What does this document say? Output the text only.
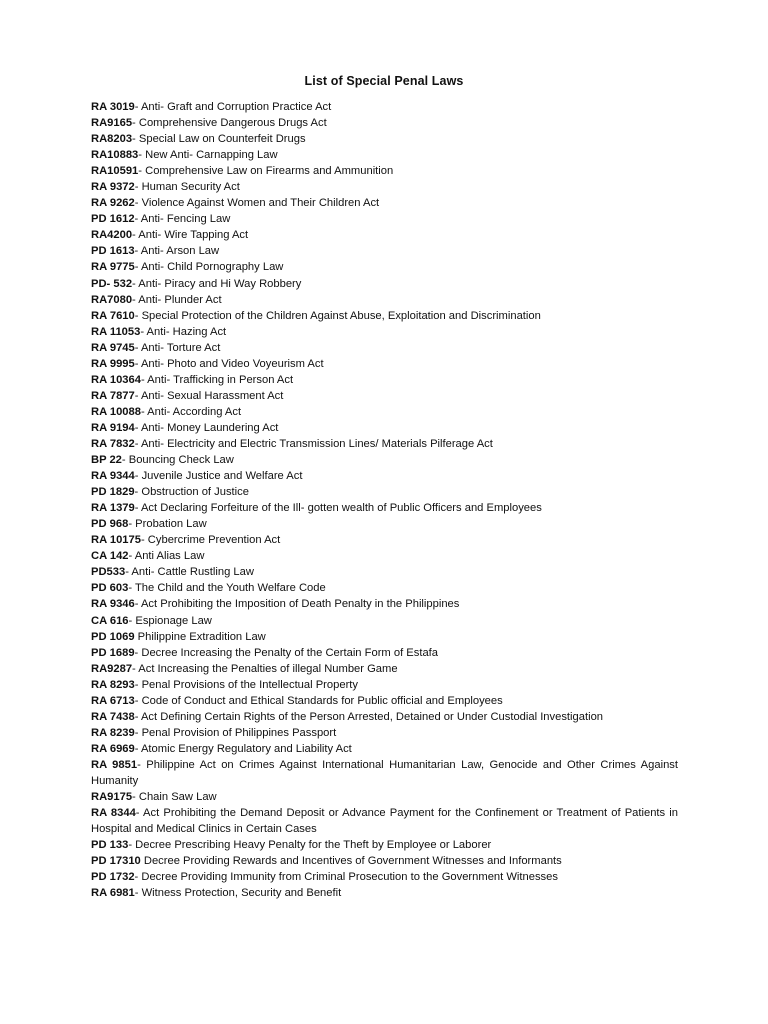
List of Special Penal Laws
RA 3019- Anti- Graft and Corruption Practice Act
RA9165- Comprehensive Dangerous Drugs Act
RA8203- Special Law on Counterfeit Drugs
RA10883- New Anti- Carnapping Law
RA10591- Comprehensive Law on Firearms and Ammunition
RA 9372- Human Security Act
RA 9262- Violence Against Women and Their Children Act
PD 1612- Anti- Fencing Law
RA4200- Anti- Wire Tapping Act
PD 1613- Anti- Arson Law
RA 9775- Anti- Child Pornography Law
PD- 532- Anti- Piracy and Hi Way Robbery
RA7080- Anti- Plunder Act
RA 7610- Special Protection of the Children Against Abuse, Exploitation and Discrimination
RA 11053- Anti- Hazing Act
RA 9745- Anti- Torture Act
RA 9995- Anti- Photo and Video Voyeurism Act
RA 10364- Anti- Trafficking in Person Act
RA 7877- Anti- Sexual Harassment Act
RA 10088- Anti- According Act
RA 9194- Anti- Money Laundering Act
RA 7832- Anti- Electricity and Electric Transmission Lines/ Materials Pilferage Act
BP 22- Bouncing Check Law
RA 9344- Juvenile Justice and Welfare Act
PD 1829- Obstruction of Justice
RA 1379- Act Declaring Forfeiture of the Ill- gotten wealth of Public Officers and Employees
PD 968- Probation Law
RA 10175- Cybercrime Prevention Act
CA 142- Anti Alias Law
PD533- Anti- Cattle Rustling Law
PD 603- The Child and the Youth Welfare Code
RA 9346- Act Prohibiting the Imposition of Death Penalty in the Philippines
CA 616- Espionage Law
PD 1069 Philippine Extradition Law
PD 1689- Decree Increasing the Penalty of the Certain Form of Estafa
RA9287- Act Increasing the Penalties of illegal Number Game
RA 8293- Penal Provisions of the Intellectual Property
RA 6713- Code of Conduct and Ethical Standards for Public official and Employees
RA 7438- Act Defining Certain Rights of the Person Arrested, Detained or Under Custodial Investigation
RA 8239- Penal Provision of Philippines Passport
RA 6969- Atomic Energy Regulatory and Liability Act
RA 9851- Philippine Act on Crimes Against International Humanitarian Law, Genocide and Other Crimes Against Humanity
RA9175- Chain Saw Law
RA 8344- Act Prohibiting the Demand Deposit or Advance Payment for the Confinement or Treatment of Patients in Hospital and Medical Clinics in Certain Cases
PD 133- Decree Prescribing Heavy Penalty for the Theft by Employee or Laborer
PD 17310 Decree Providing Rewards and Incentives of Government Witnesses and Informants
PD 1732- Decree Providing Immunity from Criminal Prosecution to the Government Witnesses
RA 6981- Witness Protection, Security and Benefit
